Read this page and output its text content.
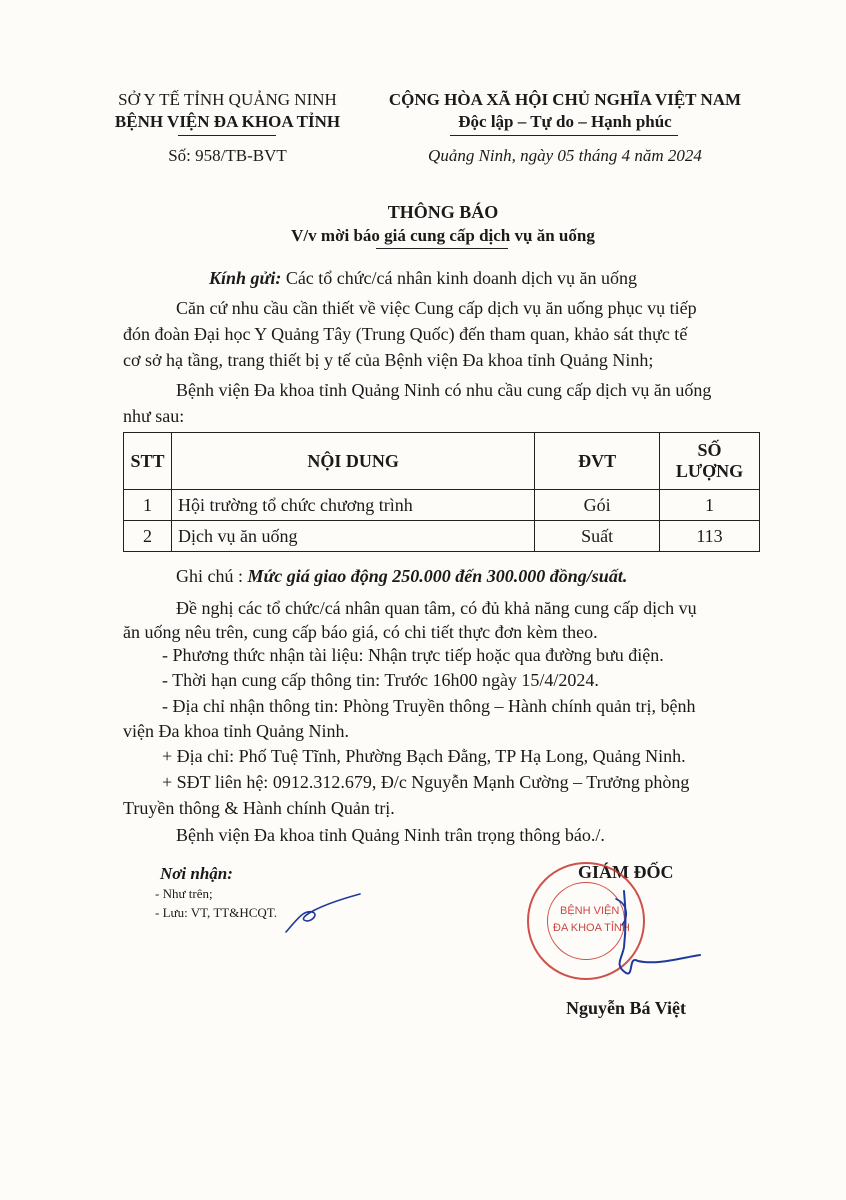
SỞ Y TẾ TỈNH QUẢNG NINH
BỆNH VIỆN ĐA KHOA TỈNH
Số: 958/TB-BVT
CỘNG HÒA XÃ HỘI CHỦ NGHĨA VIỆT NAM
Độc lập – Tự do – Hạnh phúc
Quảng Ninh, ngày 05 tháng 4 năm 2024
THÔNG BÁO
V/v mời báo giá cung cấp dịch vụ ăn uống
Kính gửi: Các tổ chức/cá nhân kinh doanh dịch vụ ăn uống
Căn cứ nhu cầu cần thiết về việc Cung cấp dịch vụ ăn uống phục vụ tiếp
đón đoàn Đại học Y Quảng Tây (Trung Quốc) đến tham quan, khảo sát thực tế
cơ sở hạ tầng, trang thiết bị y tế của Bệnh viện Đa khoa tỉnh Quảng Ninh;
Bệnh viện Đa khoa tỉnh Quảng Ninh có nhu cầu cung cấp dịch vụ ăn uống
như sau:
STT	NỘI DUNG	ĐVT	SỐ
LƯỢNG
1	Hội trường tổ chức chương trình	Gói	1
2	Dịch vụ ăn uống	Suất	113
Ghi chú : Mức giá giao động 250.000 đến 300.000 đồng/suất.
Đề nghị các tổ chức/cá nhân quan tâm, có đủ khả năng cung cấp dịch vụ
ăn uống nêu trên, cung cấp báo giá, có chi tiết thực đơn kèm theo.
- Phương thức nhận tài liệu: Nhận trực tiếp hoặc qua đường bưu điện.
- Thời hạn cung cấp thông tin: Trước 16h00 ngày 15/4/2024.
- Địa chỉ nhận thông tin: Phòng Truyền thông – Hành chính quản trị, bệnh
viện Đa khoa tỉnh Quảng Ninh.
+ Địa chỉ: Phố Tuệ Tĩnh, Phường Bạch Đằng, TP Hạ Long, Quảng Ninh.
+ SĐT liên hệ: 0912.312.679, Đ/c Nguyễn Mạnh Cường – Trưởng phòng
Truyền thông & Hành chính Quản trị.
Bệnh viện Đa khoa tỉnh Quảng Ninh trân trọng thông báo./.
Nơi nhận:
- Như trên;
- Lưu: VT, TT&HCQT.
GIÁM ĐỐC
BỆNH VIỆN
ĐA KHOA TỈNH
Nguyễn Bá Việt
